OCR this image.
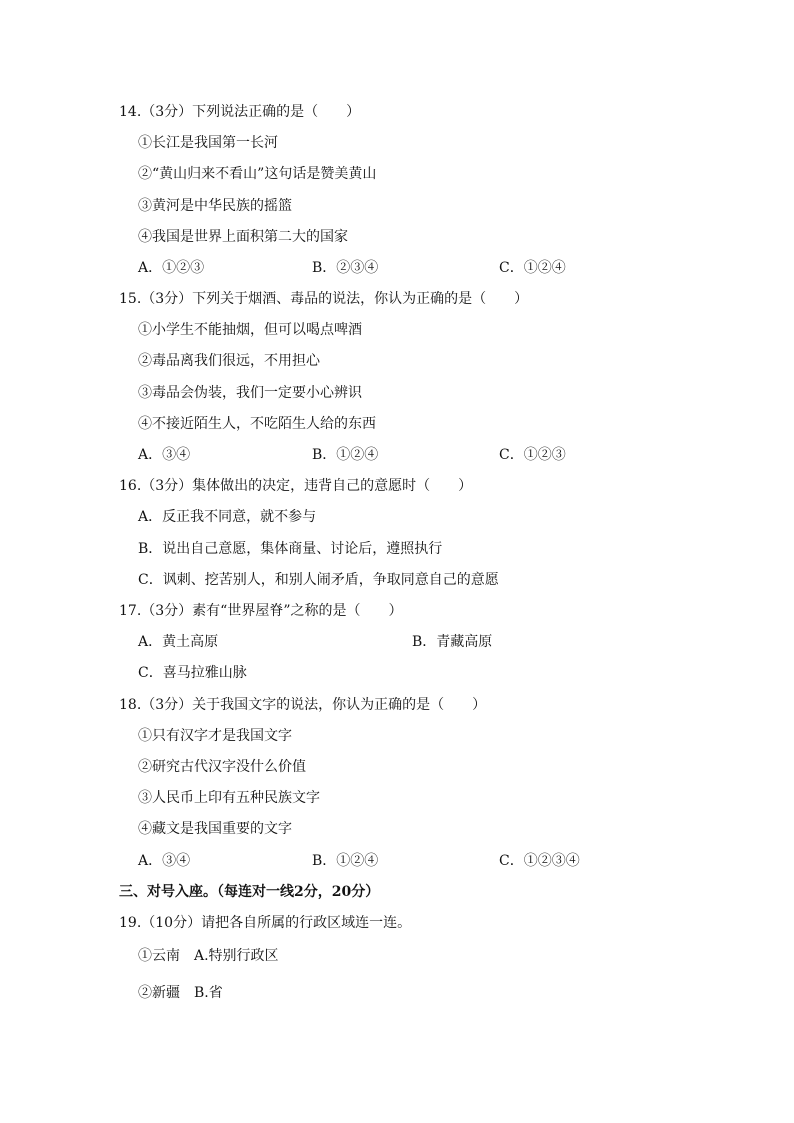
14.（3分）下列说法正确的是（　　）
①长江是我国第一长河
②“黄山归来不看山”这句话是赞美黄山
③黄河是中华民族的摇篮
④我国是世界上面积第二大的国家
A．①②③	B．②③④	C．①②④
15.（3分）下列关于烟酒、毒品的说法，你认为正确的是（　　）
①小学生不能抽烟，但可以喝点啤酒
②毒品离我们很远，不用担心
③毒品会伪装，我们一定要小心辨识
④不接近陌生人，不吃陌生人给的东西
A．③④	B．①②④	C．①②③
16.（3分）集体做出的决定，违背自己的意愿时（　　）
A．反正我不同意，就不参与
B．说出自己意愿，集体商量、讨论后，遵照执行
C．讽刺、挖苦别人，和别人闹矛盾，争取同意自己的意愿
17.（3分）素有“世界屋脊”之称的是（　　）
A．黄土高原	B．青藏高原
C．喜马拉雅山脉
18.（3分）关于我国文字的说法，你认为正确的是（　　）
①只有汉字才是我国文字
②研究古代汉字没什么价值
③人民币上印有五种民族文字
④藏文是我国重要的文字
A．③④	B．①②④	C．①②③④
三、对号入座。（每连对一线2分，20分）
19.（10分）请把各自所属的行政区域连一连。
①云南　A.特别行政区
②新疆　B.省
